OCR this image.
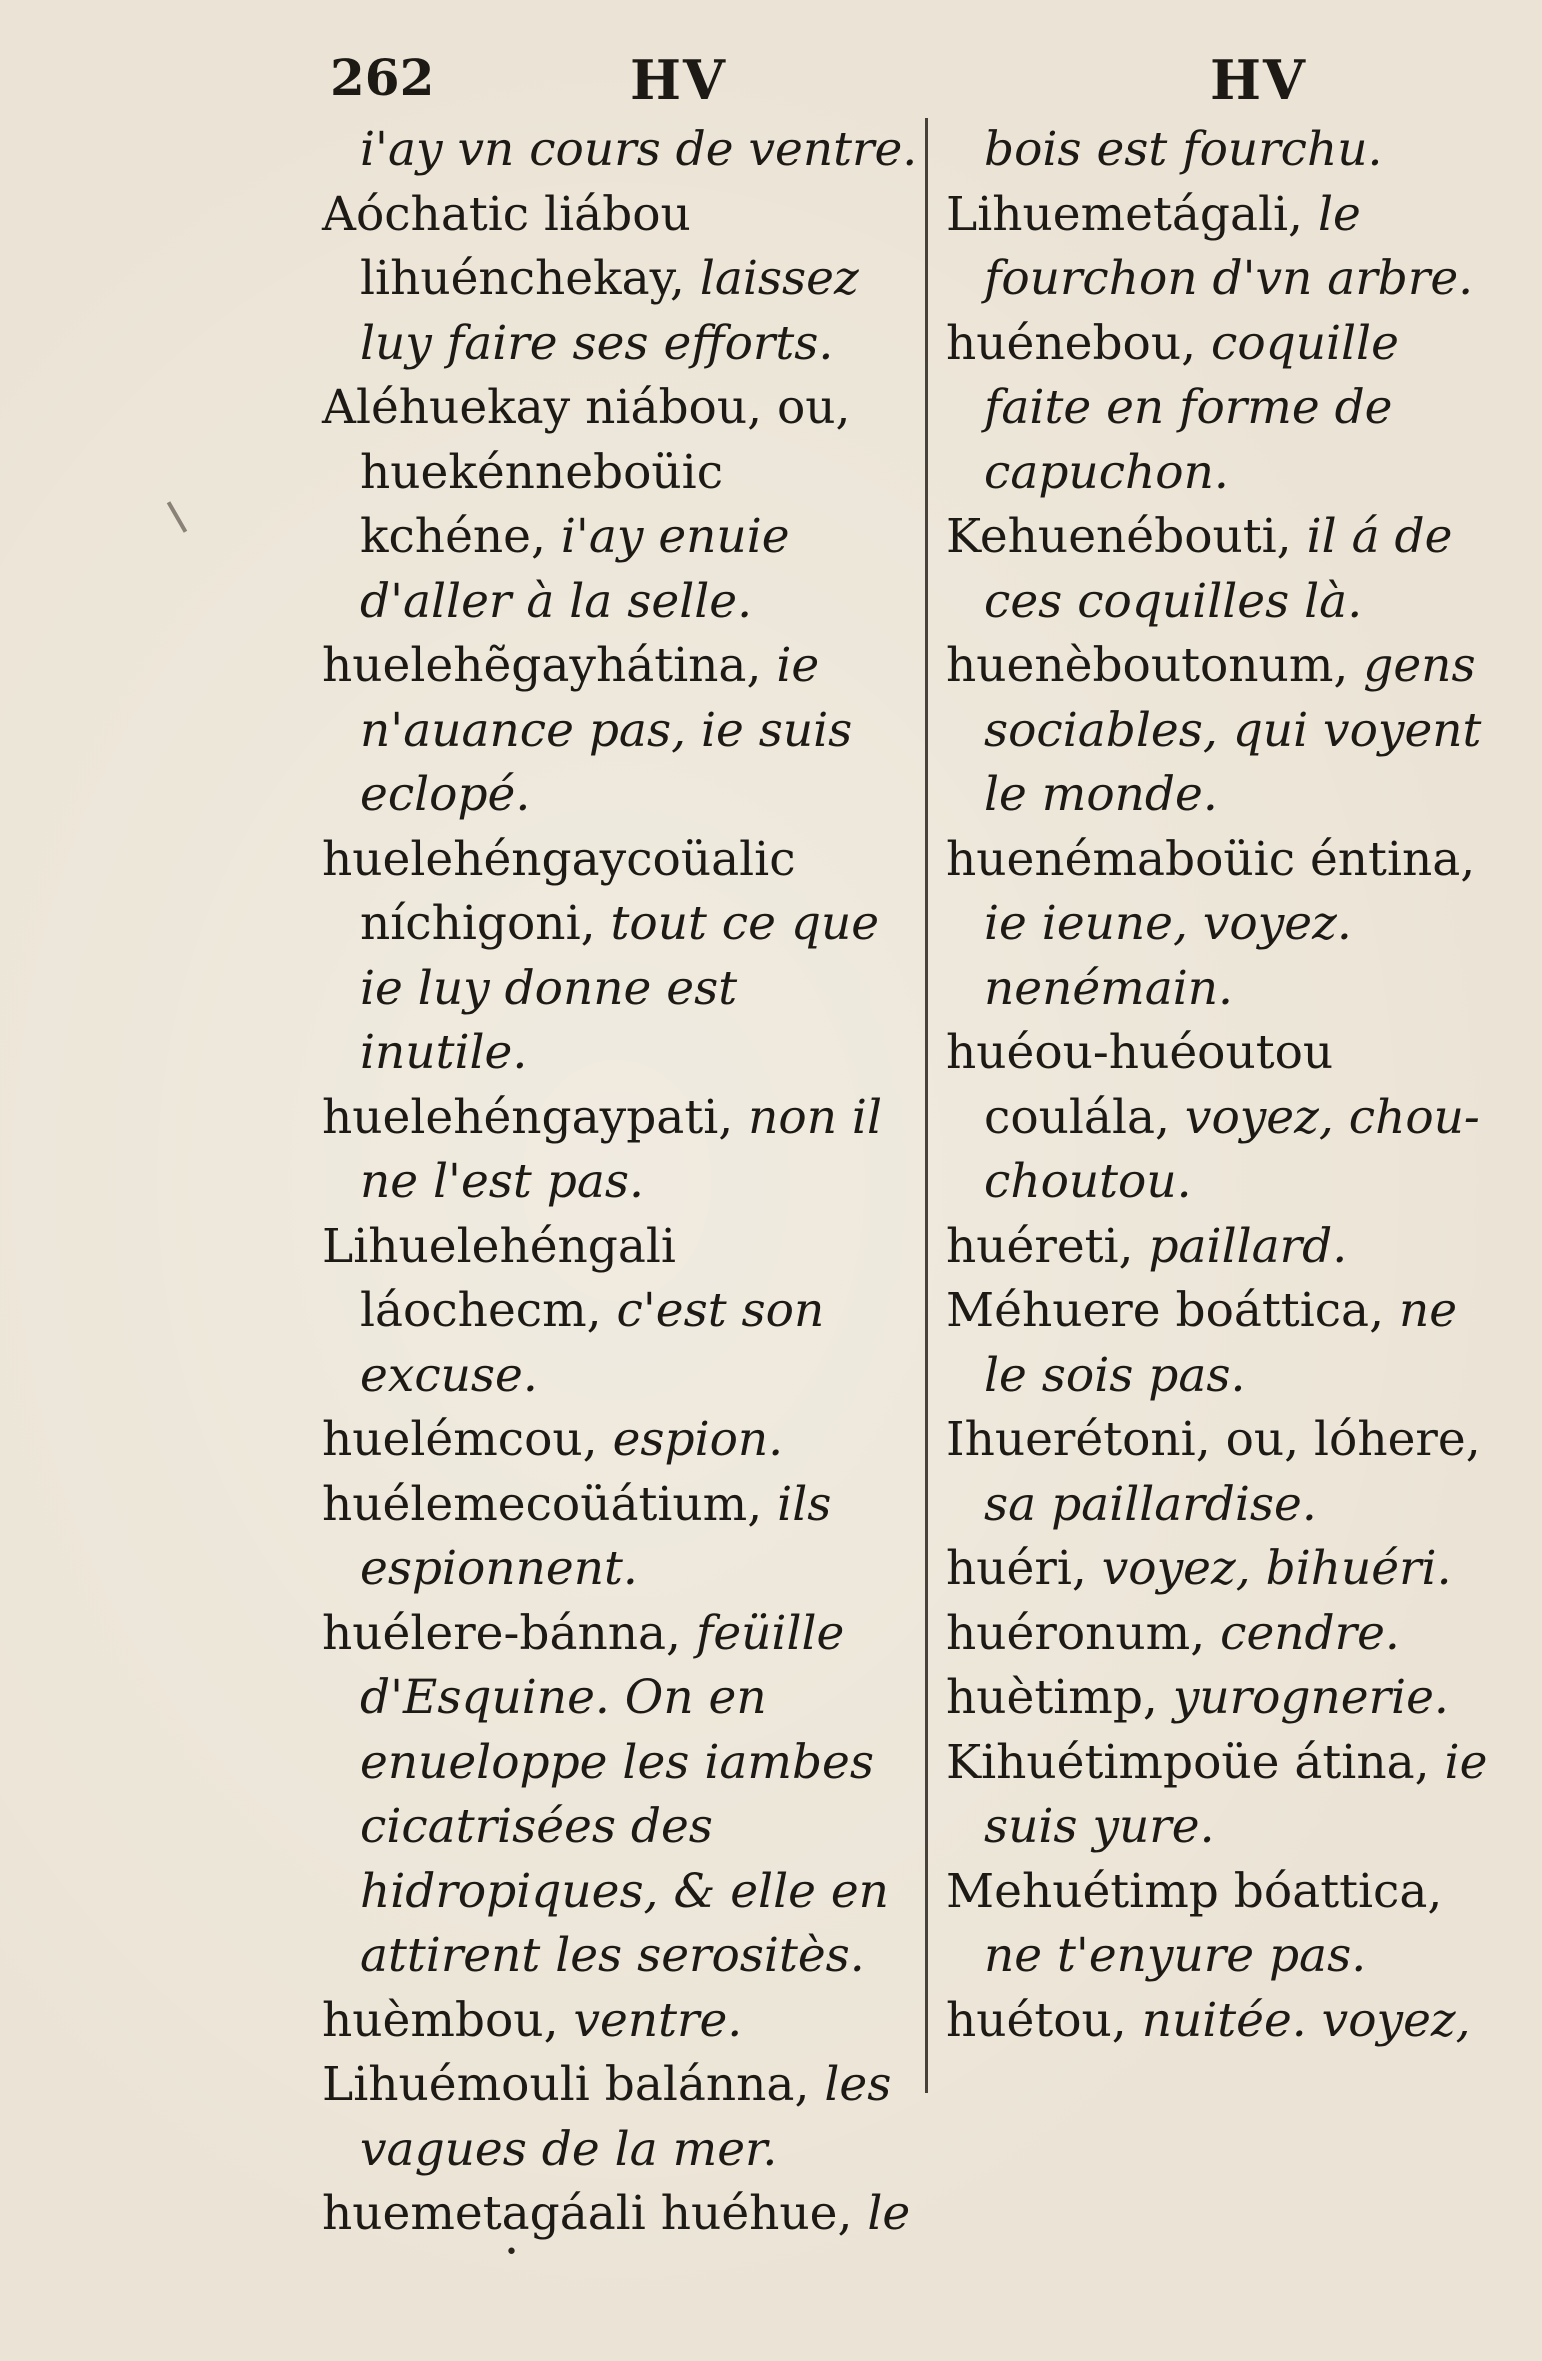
262	HV	HV
i'ay vn cours de ventre.
Aóchatic liábou lihuénchekay, laissez luy faire ses efforts.
Aléhuekay niábou, ou, huekénneboüic kchéne, i'ay enuie d'aller à la selle.
huelehẽgayhátina, ie n'auance pas, ie suis eclopé.
huelehéngaycoüalic níchigoni, tout ce que ie luy donne est inutile.
huelehéngaypati, non il ne l'est pas.
Lihuelehéngali láochecm, c'est son excuse.
huelémcou, espion.
huélemecoüátium, ils espionnent.
huélere-bánna, feüille d'Esquine. On en enueloppe les iambes cicatrisées des hidropiques, & elle en attirent les serositès.
huèmbou, ventre.
Lihuémouli balánna, les vagues de la mer.
huemetagáali huéhue, le
bois est fourchu.
Lihuemetágali, le fourchon d'vn arbre.
huénebou, coquille faite en forme de capuchon.
Kehuenébouti, il á de ces coquilles là.
huenèboutonum, gens sociables, qui voyent le monde.
huenémaboüic éntina, ie ieune, voyez. nenémain.
huéou-huéoutou coulála, voyez, chou-choutou.
huéreti, paillard.
Méhuere boáttica, ne le sois pas.
Ihuerétoni, ou, lóhere, sa paillardise.
huéri, voyez, bihuéri.
huéronum, cendre.
huètimp, yurognerie.
Kihuétimpoüe átina, ie suis yure.
Mehuétimp bóattica, ne t'enyure pas.
huétou, nuitée. voyez,
•
